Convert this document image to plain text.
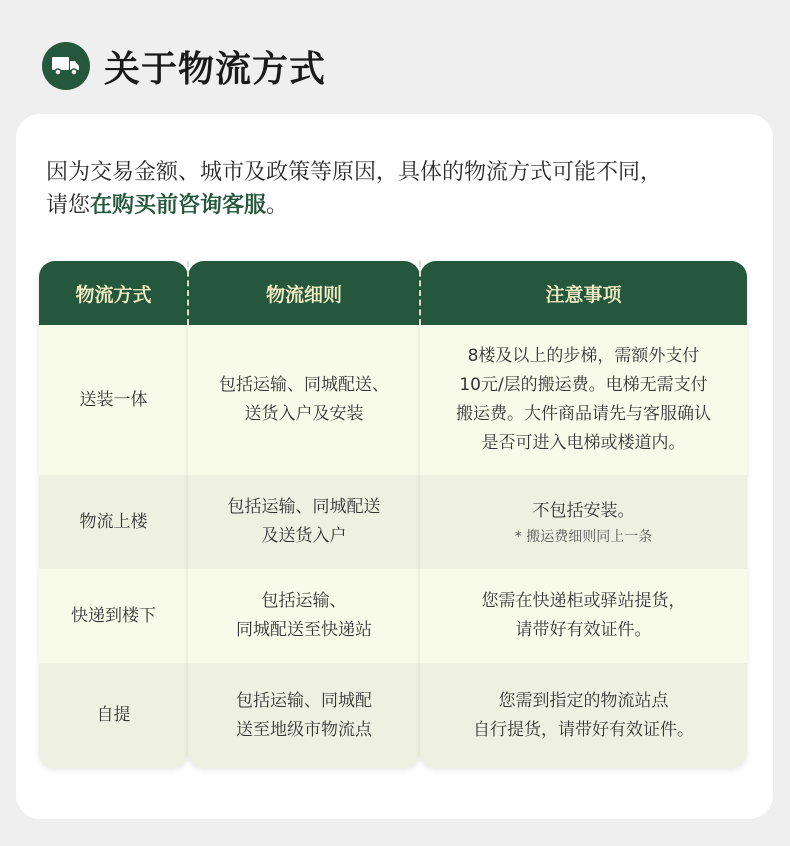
关于物流方式
因为交易金额、城市及政策等原因，具体的物流方式可能不同，
请您在购买前咨询客服。
物流方式
送装一体
物流上楼
快递到楼下
自提
物流细则
包括运输、同城配送、
送货入户及安装
包括运输、同城配送
及送货入户
包括运输、
同城配送至快递站
包括运输、同城配
送至地级市物流点
注意事项
8楼及以上的步梯，需额外支付
10元/层的搬运费。电梯无需支付
搬运费。大件商品请先与客服确认
是否可进入电梯或楼道内。
不包括安装。
* 搬运费细则同上一条
您需在快递柜或驿站提货，
请带好有效证件。
您需到指定的物流站点
自行提货，请带好有效证件。
